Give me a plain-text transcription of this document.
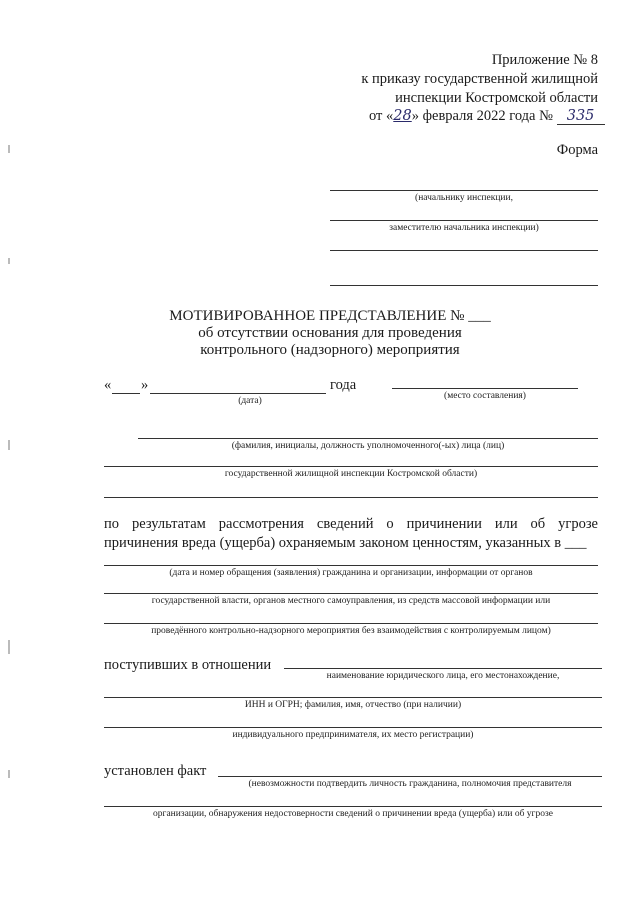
Приложение № 8
к приказу государственной жилищной
инспекции Костромской области
от «28» февраля 2022 года № 335
Форма
(начальнику инспекции,
заместителю начальника инспекции)
МОТИВИРОВАННОЕ ПРЕДСТАВЛЕНИЕ № ___
об отсутствии основания для проведения
контрольного (надзорного) мероприятия
« »	года
(дата)	(место составления)
(фамилия, инициалы, должность уполномоченного(-ых) лица (лиц)
государственной жилищной инспекции Костромской области)
по результатам рассмотрения сведений о причинении или об угрозе
причинения вреда (ущерба) охраняемым законом ценностям, указанных в ___
(дата и номер обращения (заявления) гражданина и организации, информации от органов
государственной власти, органов местного самоуправления, из средств массовой информации или
проведённого контрольно-надзорного мероприятия без взаимодействия с контролируемым лицом)
поступивших в отношении
наименование юридического лица, его местонахождение,
ИНН и ОГРН; фамилия, имя, отчество (при наличии)
индивидуального предпринимателя, их место регистрации)
установлен факт
(невозможности подтвердить личность гражданина, полномочия представителя
организации, обнаружения недостоверности сведений о причинении вреда (ущерба) или об угрозе
